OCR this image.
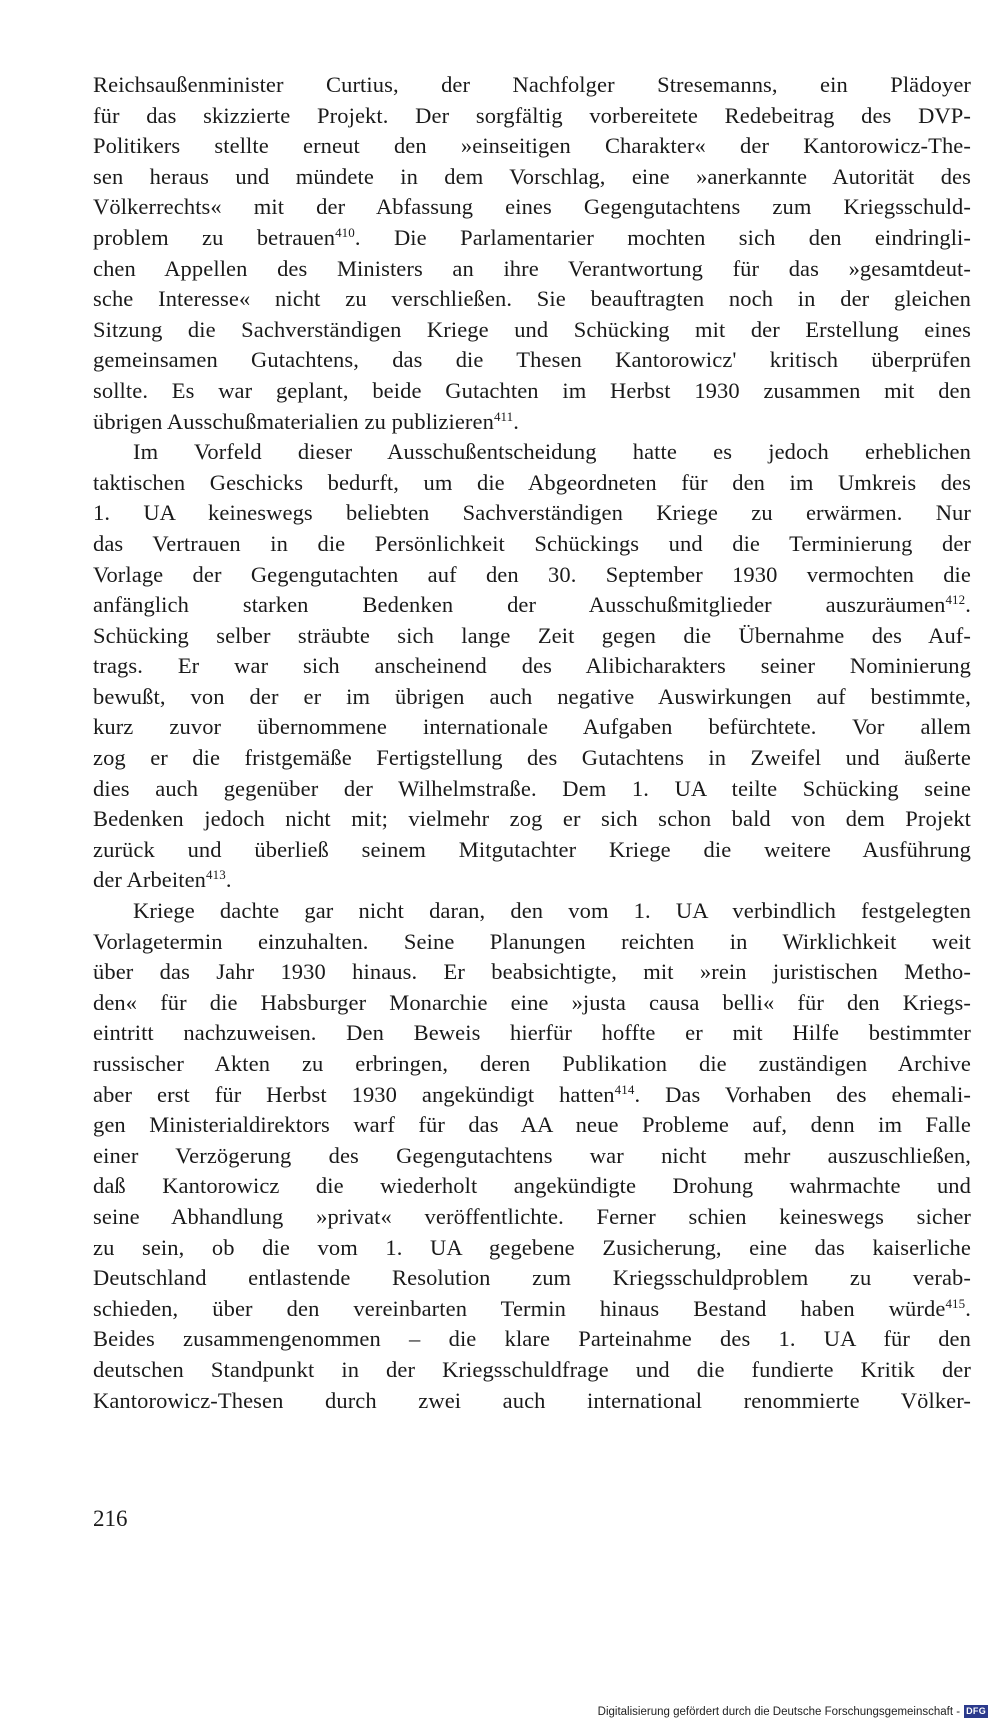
Reichsaußenminister Curtius, der Nachfolger Stresemanns, ein Plädoyer
für das skizzierte Projekt. Der sorgfältig vorbereitete Redebeitrag des DVP-
Politikers stellte erneut den »einseitigen Charakter« der Kantorowicz-The-
sen heraus und mündete in dem Vorschlag, eine »anerkannte Autorität des
Völkerrechts« mit der Abfassung eines Gegengutachtens zum Kriegsschuld-
problem zu betrauen$^{410}$. Die Parlamentarier mochten sich den eindringli-
chen Appellen des Ministers an ihre Verantwortung für das »gesamtdeut-
sche Interesse« nicht zu verschließen. Sie beauftragten noch in der gleichen
Sitzung die Sachverständigen Kriege und Schücking mit der Erstellung eines
gemeinsamen Gutachtens, das die Thesen Kantorowicz' kritisch überprüfen
sollte. Es war geplant, beide Gutachten im Herbst 1930 zusammen mit den
übrigen Ausschußmaterialien zu publizieren$^{411}$.
Im Vorfeld dieser Ausschußentscheidung hatte es jedoch erheblichen
taktischen Geschicks bedurft, um die Abgeordneten für den im Umkreis des
1. UA keineswegs beliebten Sachverständigen Kriege zu erwärmen. Nur
das Vertrauen in die Persönlichkeit Schückings und die Terminierung der
Vorlage der Gegengutachten auf den 30. September 1930 vermochten die
anfänglich starken Bedenken der Ausschußmitglieder auszuräumen$^{412}$.
Schücking selber sträubte sich lange Zeit gegen die Übernahme des Auf-
trags. Er war sich anscheinend des Alibicharakters seiner Nominierung
bewußt, von der er im übrigen auch negative Auswirkungen auf bestimmte,
kurz zuvor übernommene internationale Aufgaben befürchtete. Vor allem
zog er die fristgemäße Fertigstellung des Gutachtens in Zweifel und äußerte
dies auch gegenüber der Wilhelmstraße. Dem 1. UA teilte Schücking seine
Bedenken jedoch nicht mit; vielmehr zog er sich schon bald von dem Projekt
zurück und überließ seinem Mitgutachter Kriege die weitere Ausführung
der Arbeiten$^{413}$.
Kriege dachte gar nicht daran, den vom 1. UA verbindlich festgelegten
Vorlagetermin einzuhalten. Seine Planungen reichten in Wirklichkeit weit
über das Jahr 1930 hinaus. Er beabsichtigte, mit »rein juristischen Metho-
den« für die Habsburger Monarchie eine »justa causa belli« für den Kriegs-
eintritt nachzuweisen. Den Beweis hierfür hoffte er mit Hilfe bestimmter
russischer Akten zu erbringen, deren Publikation die zuständigen Archive
aber erst für Herbst 1930 angekündigt hatten$^{414}$. Das Vorhaben des ehemali-
gen Ministerialdirektors warf für das AA neue Probleme auf, denn im Falle
einer Verzögerung des Gegengutachtens war nicht mehr auszuschließen,
daß Kantorowicz die wiederholt angekündigte Drohung wahrmachte und
seine Abhandlung »privat« veröffentlichte. Ferner schien keineswegs sicher
zu sein, ob die vom 1. UA gegebene Zusicherung, eine das kaiserliche
Deutschland entlastende Resolution zum Kriegsschuldproblem zu verab-
schieden, über den vereinbarten Termin hinaus Bestand haben würde$^{415}$.
Beides zusammengenommen – die klare Parteinahme des 1. UA für den
deutschen Standpunkt in der Kriegsschuldfrage und die fundierte Kritik der
Kantorowicz-Thesen durch zwei auch international renommierte Völker-
216
Digitalisierung gefördert durch die Deutsche Forschungsgemeinschaft - DFG
